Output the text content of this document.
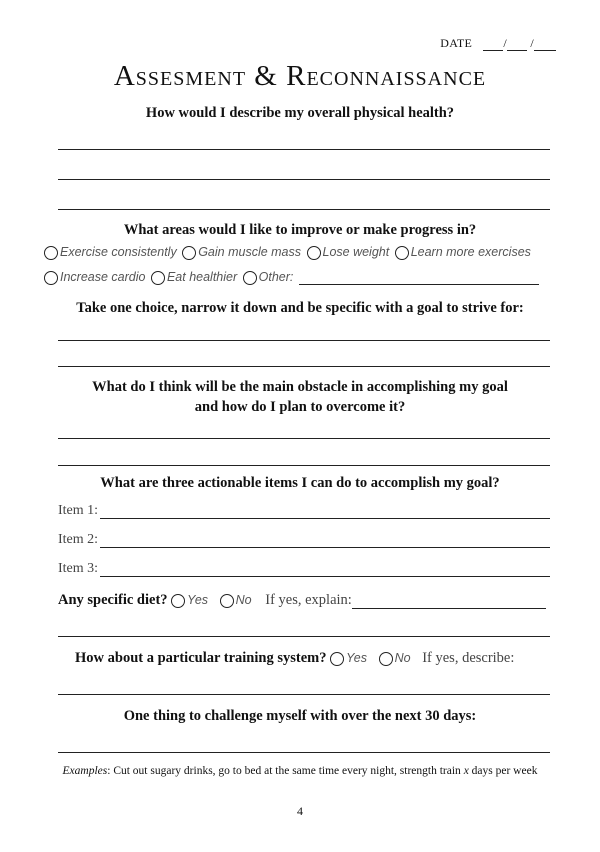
DATE	/ /
Assesment & Reconnaissance
How would I describe my overall physical health?
What areas would I like to improve or make progress in?
Exercise consistently Gain muscle mass Lose weight Learn more exercises
Increase cardio Eat healthier Other:
Take one choice, narrow it down and be specific with a goal to strive for:
What do I think will be the main obstacle in accomplishing my goal
and how do I plan to overcome it?
What are three actionable items I can do to accomplish my goal?
Item 1:
Item 2:
Item 3:
Any specific diet? Yes No If yes, explain:
How about a particular training system? Yes No If yes, describe:
One thing to challenge myself with over the next 30 days:
Examples: Cut out sugary drinks, go to bed at the same time every night, strength train x days per week
4
